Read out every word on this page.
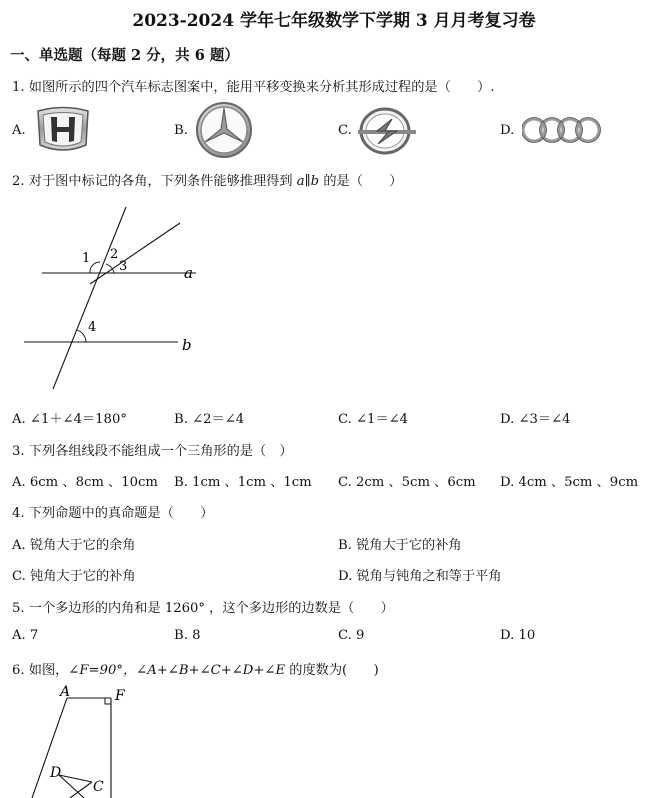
2023-2024 学年七年级数学下学期 3 月月考复习卷
一、单选题（每题 2 分，共 6 题）
1. 如图所示的四个汽车标志图案中，能用平移变换来分析其形成过程的是（　　）.
A.	B.	C.	D.
2. 对于图中标记的各角，下列条件能够推理得到 a∥b 的是（　　）
1 2
3
4
a
b
A. ∠1＋∠4＝180°	B. ∠2＝∠4	C. ∠1＝∠4	D. ∠3＝∠4
3. 下列各组线段不能组成一个三角形的是（　）
A. 6cm 、8cm 、10cm B. 1cm 、1cm 、1cm C. 2cm 、5cm 、6cm D. 4cm 、5cm 、9cm
4. 下列命题中的真命题是（　　）
A. 锐角大于它的余角	B. 锐角大于它的补角
C. 钝角大于它的补角	D. 锐角与钝角之和等于平角
5. 一个多边形的内角和是 1260° ，这个多边形的边数是（　　）
A. 7	B. 8	C. 9	D. 10
6. 如图，∠F=90°，∠A+∠B+∠C+∠D+∠E 的度数为(　　)
A	F
D
C
